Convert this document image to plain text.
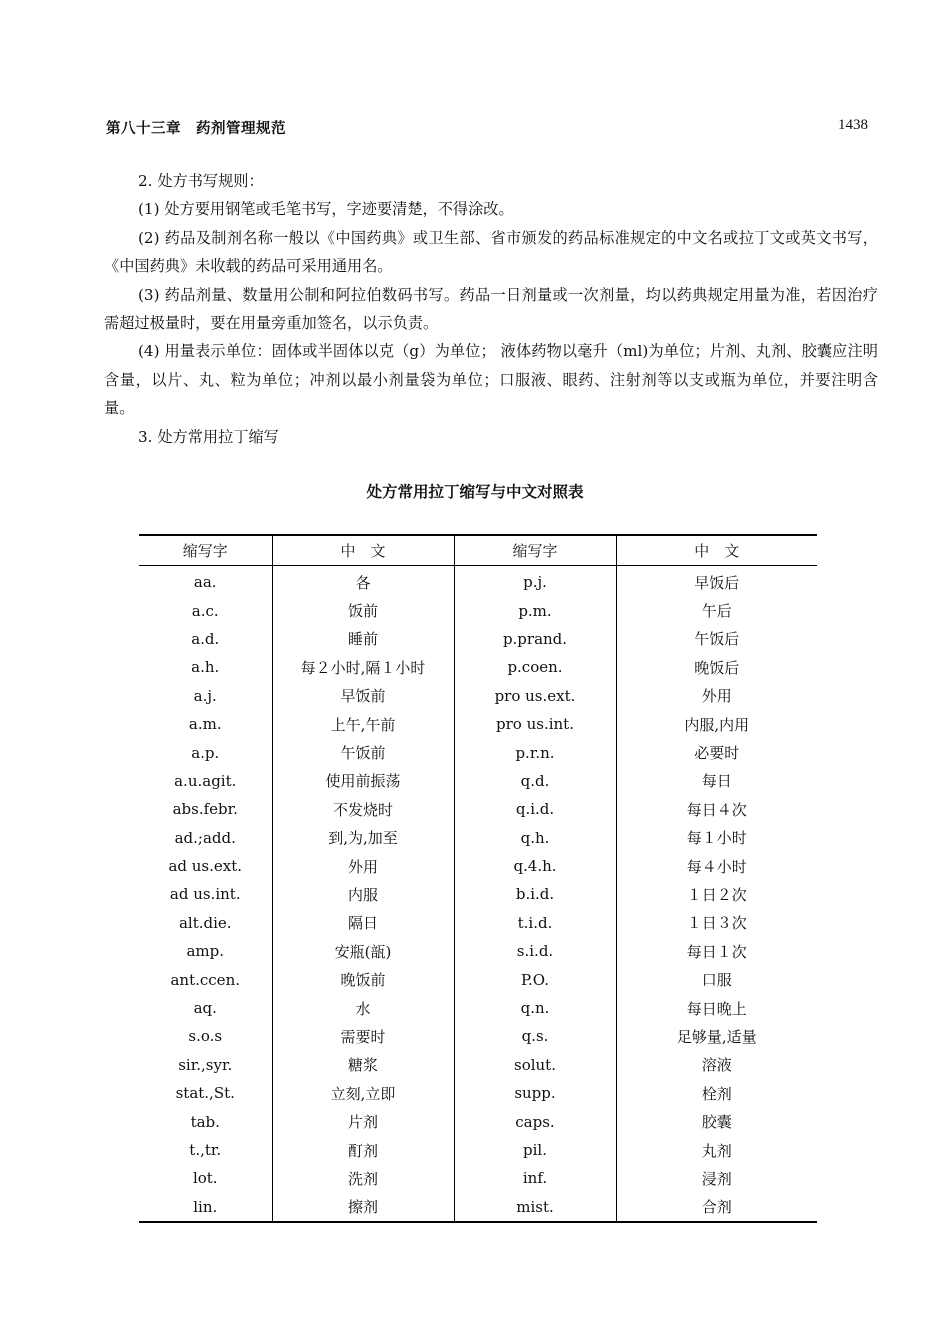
第八十三章　药剂管理规范	1438

2. 处方书写规则：

(1) 处方要用钢笔或毛笔书写，字迹要清楚，不得涂改。

(2) 药品及制剂名称一般以《中国药典》或卫生部、省市颁发的药品标准规定的中文名或拉丁文或英文书写，《中国药典》未收载的药品可采用通用名。

(3) 药品剂量、数量用公制和阿拉伯数码书写。药品一日剂量或一次剂量，均以药典规定用量为准，若因治疗需超过极量时，要在用量旁重加签名，以示负责。

(4) 用量表示单位：固体或半固体以克（g）为单位； 液体药物以毫升（ml)为单位；片剂、丸剂、胶囊应注明含量，以片、丸、粒为单位；冲剂以最小剂量袋为单位；口服液、眼药、注射剂等以支或瓶为单位，并要注明含量。

3. 处方常用拉丁缩写

处方常用拉丁缩写与中文对照表
缩写字	中　文	缩写字	中　文
aa.	各	p.j.	早饭后
a.c.	饭前	p.m.	午后
a.d.	睡前	p.prand.	午饭后
a.h.	每２小时,隔１小时	p.coen.	晚饭后
a.j.	早饭前	pro us.ext.	外用
a.m.	上午,午前	pro us.int.	内服,内用
a.p.	午饭前	p.r.n.	必要时
a.u.agit.	使用前振荡	q.d.	每日
abs.febr.	不发烧时	q.i.d.	每日４次
ad.;add.	到,为,加至	q.h.	每１小时
ad us.ext.	外用	q.4.h.	每４小时
ad us.int.	内服	b.i.d.	１日２次
alt.die.	隔日	t.i.d.	１日３次
amp.	安瓶(瓿)	s.i.d.	每日１次
ant.ccen.	晚饭前	P.O.	口服
aq.	水	q.n.	每日晚上
s.o.s	需要时	q.s.	足够量,适量
sir.,syr.	糖浆	solut.	溶液
stat.,St.	立刻,立即	supp.	栓剂
tab.	片剂	caps.	胶囊
t.,tr.	酊剂	pil.	丸剂
lot.	洗剂	inf.	浸剂
lin.	擦剂	mist.	合剂
